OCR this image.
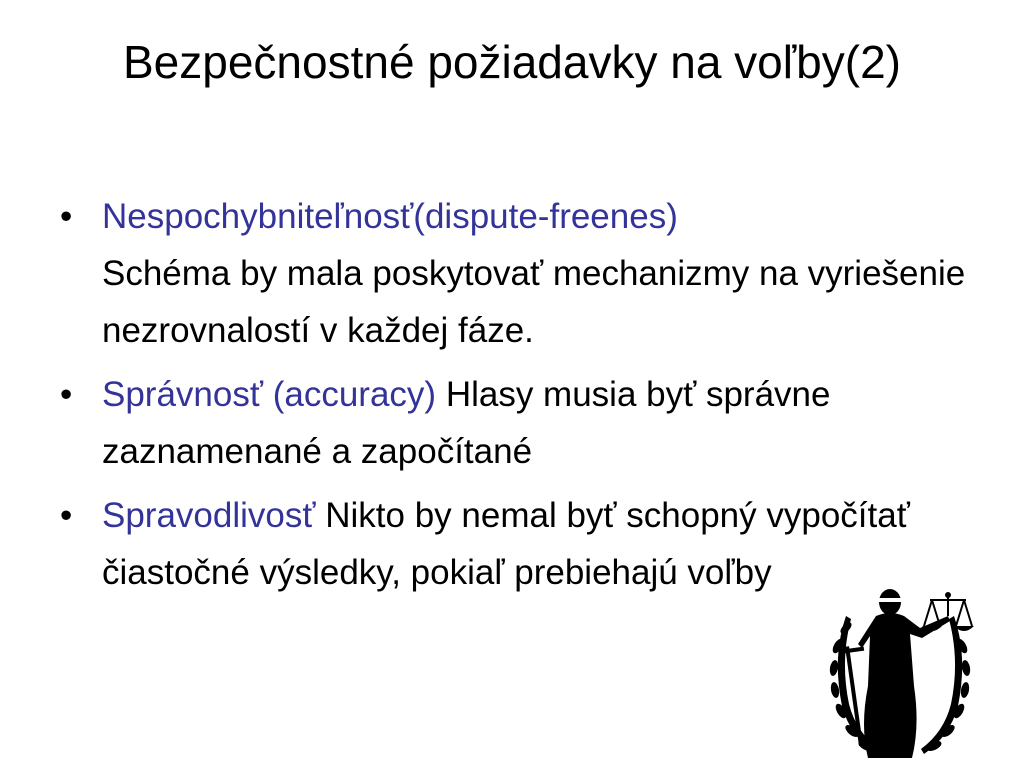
Bezpečnostné požiadavky na voľby(2)
• Nespochybniteľnosť(dispute-freenes)
Schéma by mala poskytovať mechanizmy na vyriešenie nezrovnalostí v každej fáze.
• Správnosť (accuracy) Hlasy musia byť správne zaznamenané a započítané
• Spravodlivosť Nikto by nemal byť schopný vypočítať čiastočné výsledky, pokiaľ prebiehajú voľby
